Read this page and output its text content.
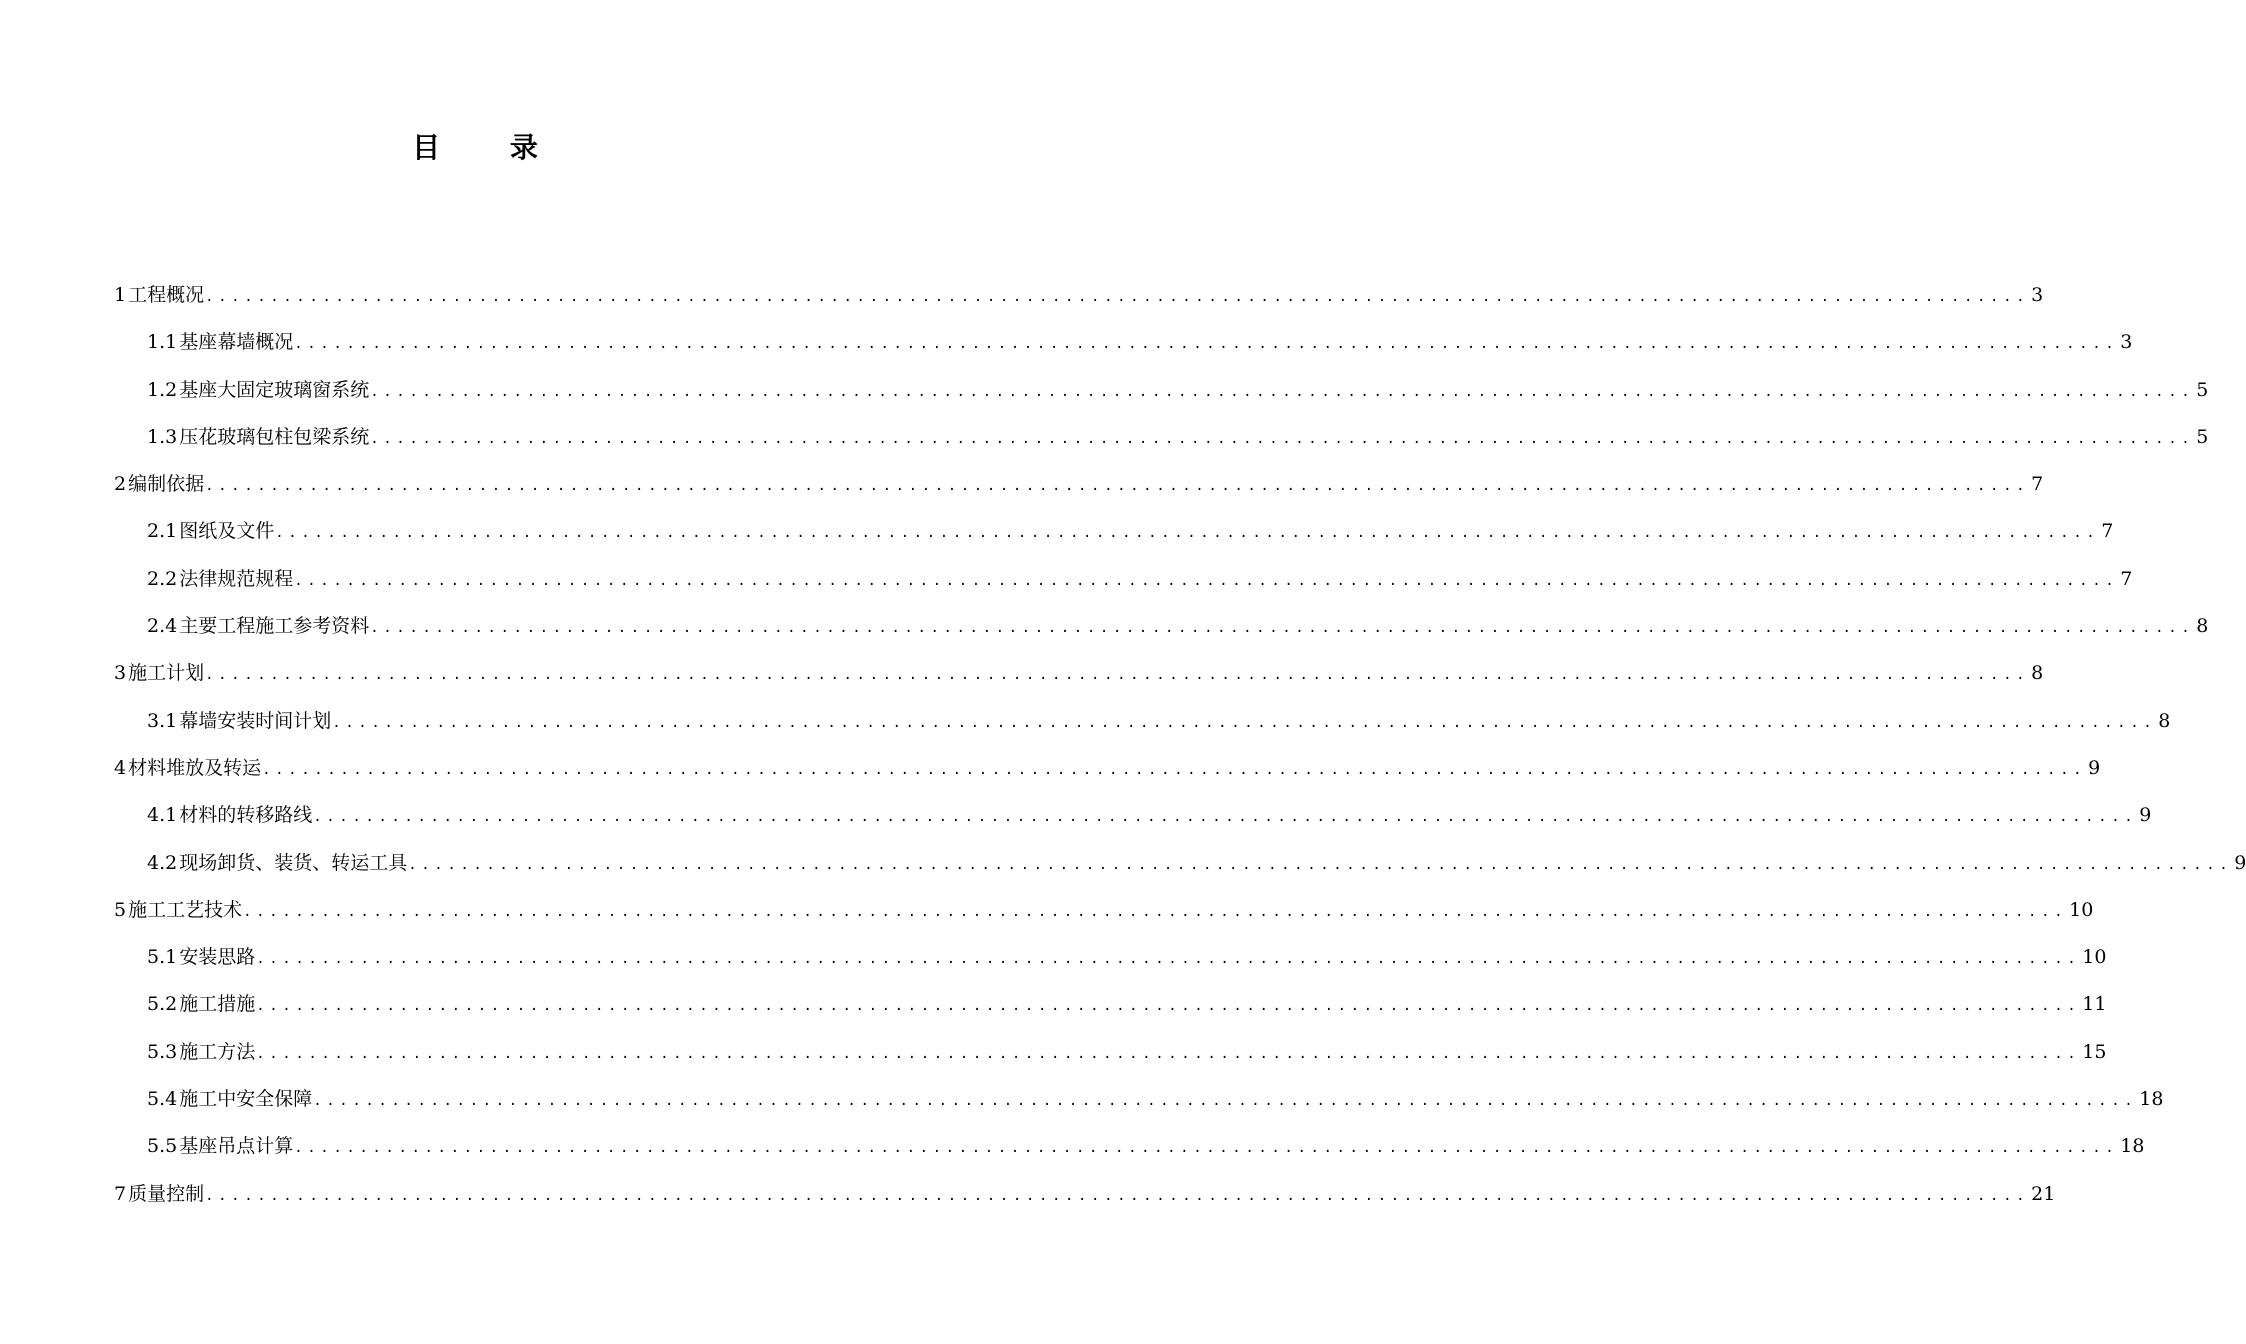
目 录
1 工程概况 ............................................................................................................................................ 3
1.1 基座幕墙概况 ............................................................................................................................................ 3
1.2 基座大固定玻璃窗系统 ............................................................................................................................................ 5
1.3 压花玻璃包柱包梁系统 ............................................................................................................................................ 5
2 编制依据 ............................................................................................................................................ 7
2.1 图纸及文件 ............................................................................................................................................ 7
2.2 法律规范规程 ............................................................................................................................................ 7
2.4 主要工程施工参考资料 ............................................................................................................................................ 8
3 施工计划 ............................................................................................................................................ 8
3.1 幕墙安装时间计划 ............................................................................................................................................ 8
4 材料堆放及转运 ............................................................................................................................................ 9
4.1 材料的转移路线 ............................................................................................................................................ 9
4.2 现场卸货、装货、转运工具 ............................................................................................................................................ 9
5 施工工艺技术 ............................................................................................................................................ 10
5.1 安装思路 ............................................................................................................................................ 10
5.2 施工措施 ............................................................................................................................................ 11
5.3 施工方法 ............................................................................................................................................ 15
5.4 施工中安全保障 ............................................................................................................................................ 18
5.5 基座吊点计算 ............................................................................................................................................ 18
7 质量控制 ............................................................................................................................................ 21
